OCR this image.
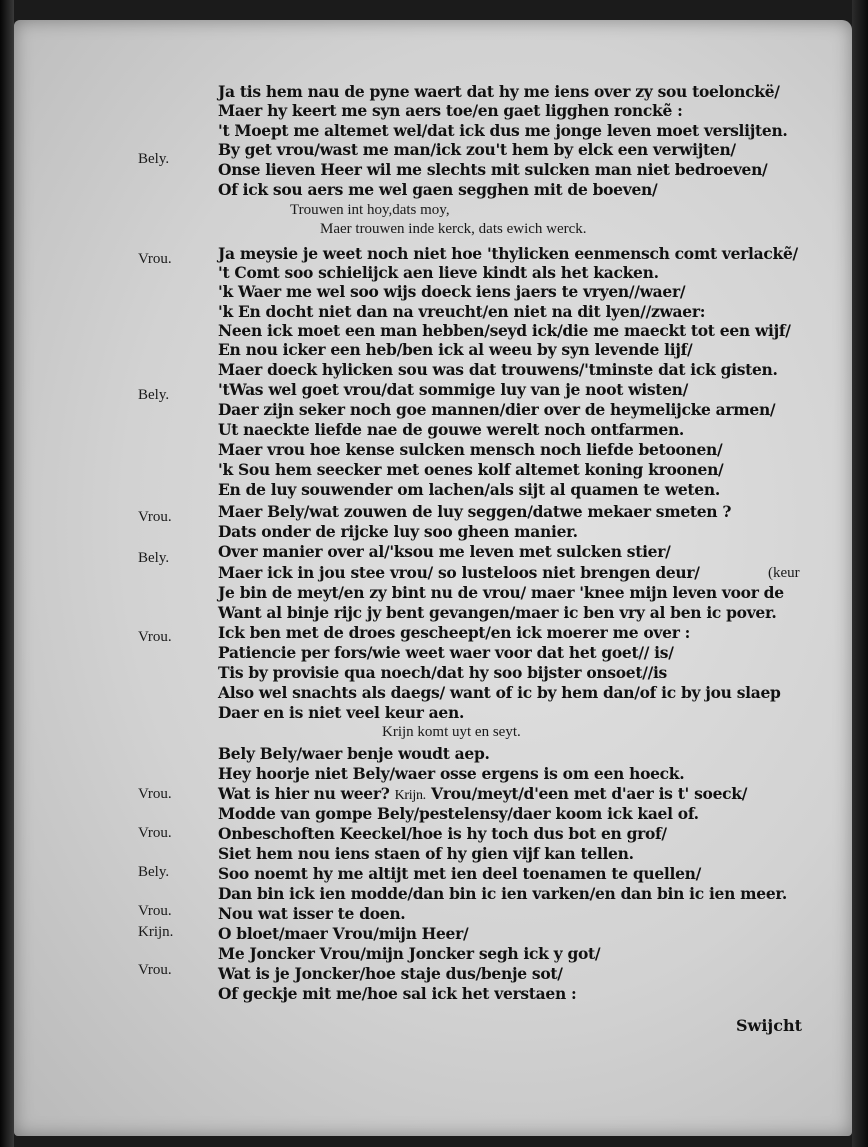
Bely.
Vrou.
Bely.
Vrou.
Bely.
Vrou.
Vrou.
Vrou.
Bely.
Vrou.
Krijn.
Vrou.
Ja tis hem nau de pyne waert dat hy me iens over zy sou toelonckë/
Maer hy keert me syn aers toe/en gaet ligghen ronckẽ :
't Moept me altemet wel/dat ick dus me jonge leven moet verslijten.
By get vrou/wast me man/ick zou't hem by elck een verwijten/
Onse lieven Heer wil me slechts mit sulcken man niet bedroeven/
Of ick sou aers me wel gaen segghen mit de boeven/
Trouwen int hoy,dats moy,
Maer trouwen inde kerck, dats ewich werck.
Ja meysie je weet noch niet hoe 'thylicken eenmensch comt verlackẽ/
't Comt soo schielijck aen lieve kindt als het kacken.
'k Waer me wel soo wijs doeck iens jaers te vryen//waer/
'k En docht niet dan na vreucht/en niet na dit lyen//zwaer:
Neen ick moet een man hebben/seyd ick/die me maeckt tot een wijf/
En nou icker een heb/ben ick al weeu by syn levende lijf/
Maer doeck hylicken sou was dat trouwens/'tminste dat ick gisten.
'tWas wel goet vrou/dat sommige luy van je noot wisten/
Daer zijn seker noch goe mannen/dier over de heymelijcke armen/
Ut naeckte liefde nae de gouwe werelt noch ontfarmen.
Maer vrou hoe kense sulcken mensch noch liefde betoonen/
'k Sou hem seecker met oenes kolf altemet koning kroonen/
En de luy souwender om lachen/als sijt al quamen te weten.
Maer Bely/wat zouwen de luy seggen/datwe mekaer smeten ?
Dats onder de rijcke luy soo gheen manier.
Over manier over al/'ksou me leven met sulcken stier/
Maer ick in jou stee vrou/ so lusteloos niet brengen deur/	(keur
Je bin de meyt/en zy bint nu de vrou/ maer 'knee mijn leven voor de
Want al binje rijc jy bent gevangen/maer ic ben vry al ben ic pover.
Ick ben met de droes gescheept/en ick moerer me over :
Patiencie per fors/wie weet waer voor dat het goet// is/
Tis by provisie qua noech/dat hy soo bijster onsoet//is
Also wel snachts als daegs/ want of ic by hem dan/of ic by jou slaep
Daer en is niet veel keur aen.
Krijn komt uyt en seyt.
Bely Bely/waer benje woudt aep.
Hey hoorje niet Bely/waer osse ergens is om een hoeck.
Wat is hier nu weer? Krijn. Vrou/meyt/d'een met d'aer is t' soeck/
Modde van gompe Bely/pestelensy/daer koom ick kael of.
Onbeschoften Keeckel/hoe is hy toch dus bot en grof/
Siet hem nou iens staen of hy gien vijf kan tellen.
Soo noemt hy me altijt met ien deel toenamen te quellen/
Dan bin ick ien modde/dan bin ic ien varken/en dan bin ic ien meer.
Nou wat isser te doen.
O bloet/maer Vrou/mijn Heer/
Me Joncker Vrou/mijn Joncker segh ick y got/
Wat is je Joncker/hoe staje dus/benje sot/
Of geckje mit me/hoe sal ick het verstaen :
Swijcht
